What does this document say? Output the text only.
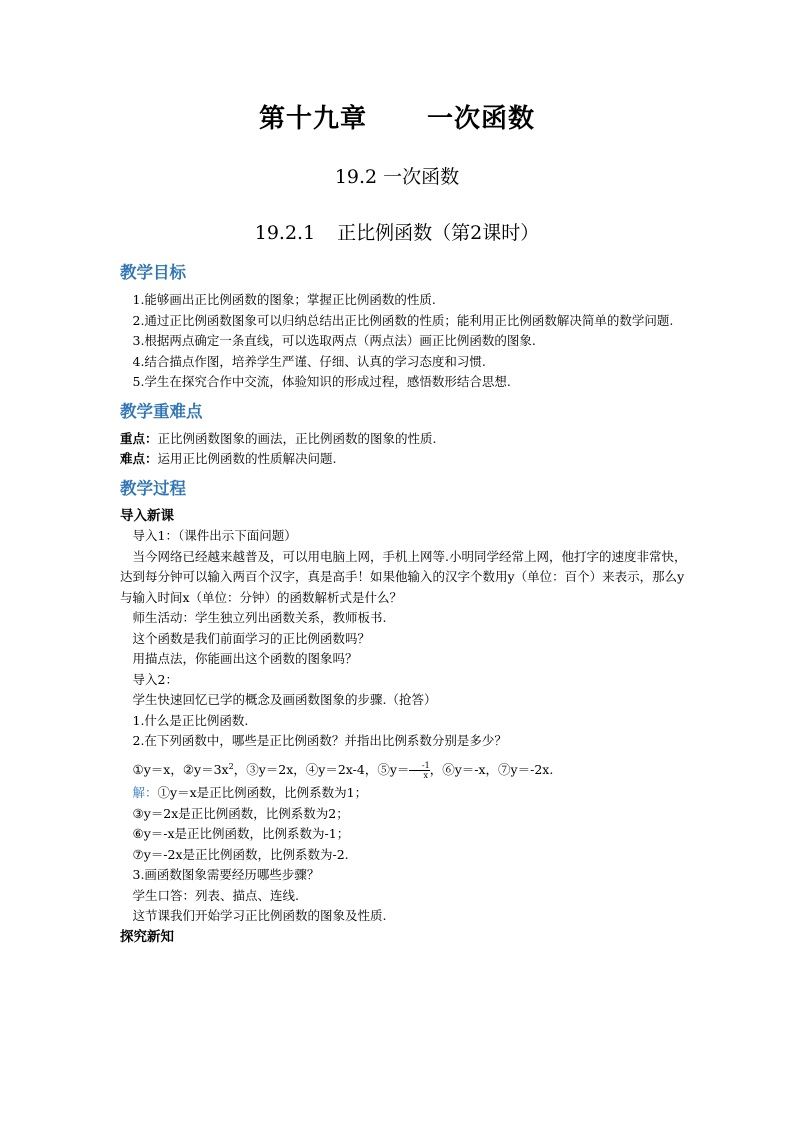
第十九章 一次函数
19.2 一次函数
19.2.1 正比例函数（第2课时）
教学目标

1.能够画出正比例函数的图象；掌握正比例函数的性质.

2.通过正比例函数图象可以归纳总结出正比例函数的性质；能利用正比例函数解决简单的数学问题.

3.根据两点确定一条直线，可以选取两点（两点法）画正比例函数的图象.

4.结合描点作图，培养学生严谨、仔细、认真的学习态度和习惯.

5.学生在探究合作中交流，体验知识的形成过程，感悟数形结合思想.

教学重难点

重点：正比例函数图象的画法，正比例函数的图象的性质.

难点：运用正比例函数的性质解决问题.

教学过程

导入新课

导入1：（课件出示下面问题）

当今网络已经越来越普及，可以用电脑上网，手机上网等.小明同学经常上网，他打字的速度非常快，达到每分钟可以输入两百个汉字，真是高手！如果他输入的汉字个数用y（单位：百个）来表示，那么y与输入时间x（单位：分钟）的函数解析式是什么？

师生活动：学生独立列出函数关系，教师板书.

这个函数是我们前面学习的正比例函数吗？

用描点法，你能画出这个函数的图象吗？

导入2：

学生快速回忆已学的概念及画函数图象的步骤.（抢答）

1.什么是正比例函数.

2.在下列函数中，哪些是正比例函数？并指出比例系数分别是多少？

①y＝x，$②y=3x^2$，③y＝2x，④y＝2x-4，⑤y＝ $\frac{-1}{x}$ ，⑥y＝-x，⑦y＝-2x.

解：①y＝x是正比例函数，比例系数为1；

③y＝2x是正比例函数，比例系数为2；

⑥y＝-x是正比例函数，比例系数为-1；

⑦y＝-2x是正比例函数，比例系数为-2.

3.画函数图象需要经历哪些步骤？

学生口答：列表、描点、连线.

这节课我们开始学习正比例函数的图象及性质.

探究新知
